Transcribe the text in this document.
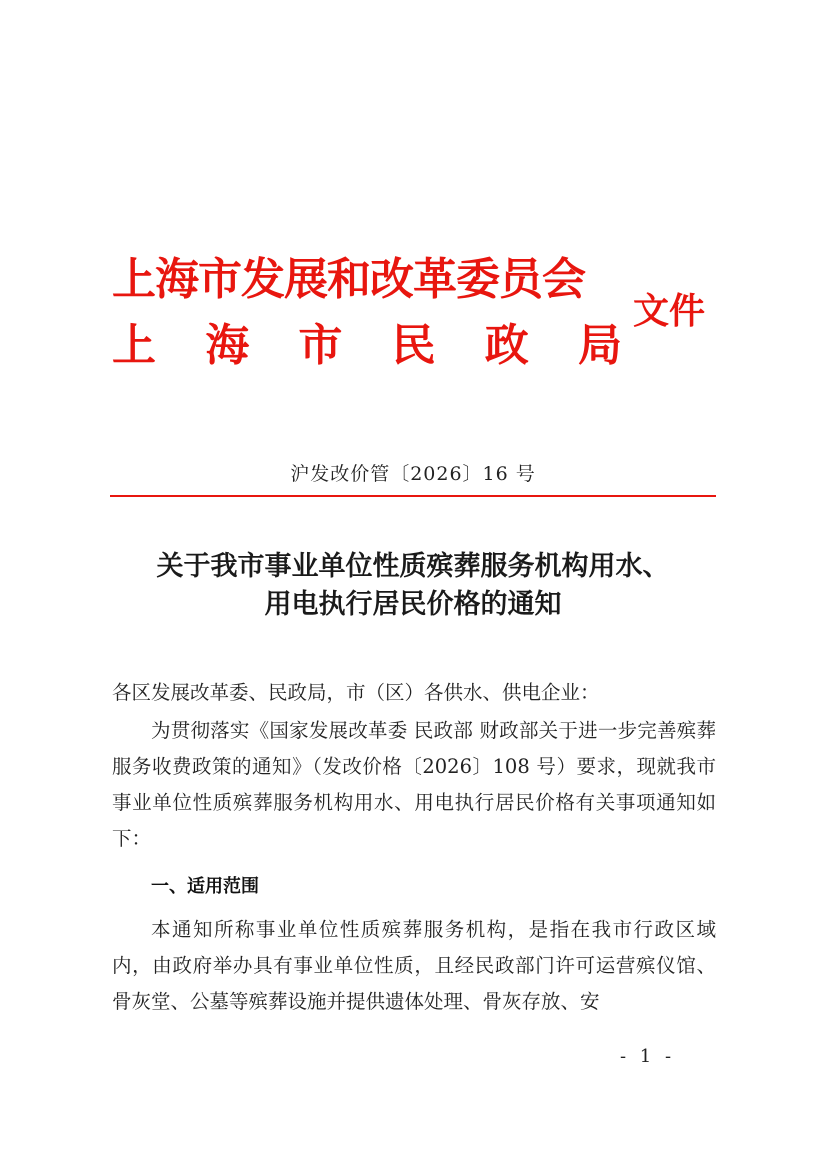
上海市发展和改革委员会
上 海 市 民 政 局
文件
沪发改价管〔2026〕16 号
关于我市事业单位性质殡葬服务机构用水、
用电执行居民价格的通知
各区发展改革委、民政局，市（区）各供水、供电企业：
为贯彻落实《国家发展改革委 民政部 财政部关于进一步完善殡葬服务收费政策的通知》（发改价格〔2026〕108 号）要求，现就我市事业单位性质殡葬服务机构用水、用电执行居民价格有关事项通知如下：
一、适用范围
本通知所称事业单位性质殡葬服务机构，是指在我市行政区域内，由政府举办具有事业单位性质，且经民政部门许可运营殡仪馆、骨灰堂、公墓等殡葬设施并提供遗体处理、骨灰存放、安
- 1 -
